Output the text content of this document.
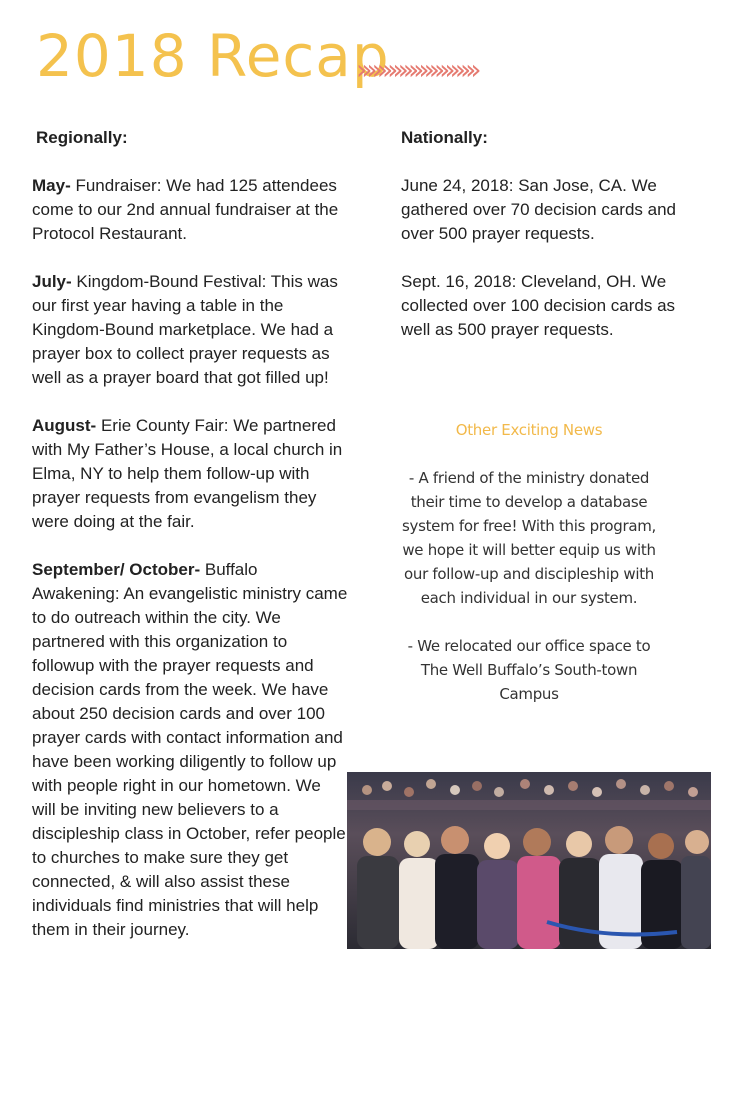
2018 Recap
›››››››››››››››››››››››

Regionally:

May- Fundraiser: We had 125 attendees come to our 2nd annual fundraiser at the Protocol Restaurant.

July- Kingdom-Bound Festival: This was our first year having a table in the Kingdom-Bound marketplace. We had a prayer box to collect prayer requests as well as a prayer board that got filled up!

August- Erie County Fair: We partnered with My Father’s House, a local church in Elma, NY to help them follow-up with prayer requests from evangelism they were doing at the fair.

September/ October- Buffalo Awakening: An evangelistic ministry came to do outreach within the city. We partnered with this organization to followup with the prayer requests and decision cards from the week. We have about 250 decision cards and over 100 prayer cards with contact information and have been working diligently to follow up with people right in our hometown. We will be inviting new believers to a discipleship class in October, refer people to churches to make sure they get connected, & will also assist these individuals find ministries that will help them in their journey.

Nationally:

June 24, 2018: San Jose, CA. We gathered over 70 decision cards and over 500 prayer requests.

Sept. 16, 2018: Cleveland, OH. We collected over 100 decision cards as well as 500 prayer requests.

Other Exciting News

- A friend of the ministry donated their time to develop a database system for free! With this program, we hope it will better equip us with our follow-up and discipleship with each individual in our system.

- We relocated our office space to The Well Buffalo’s South-town Campus
